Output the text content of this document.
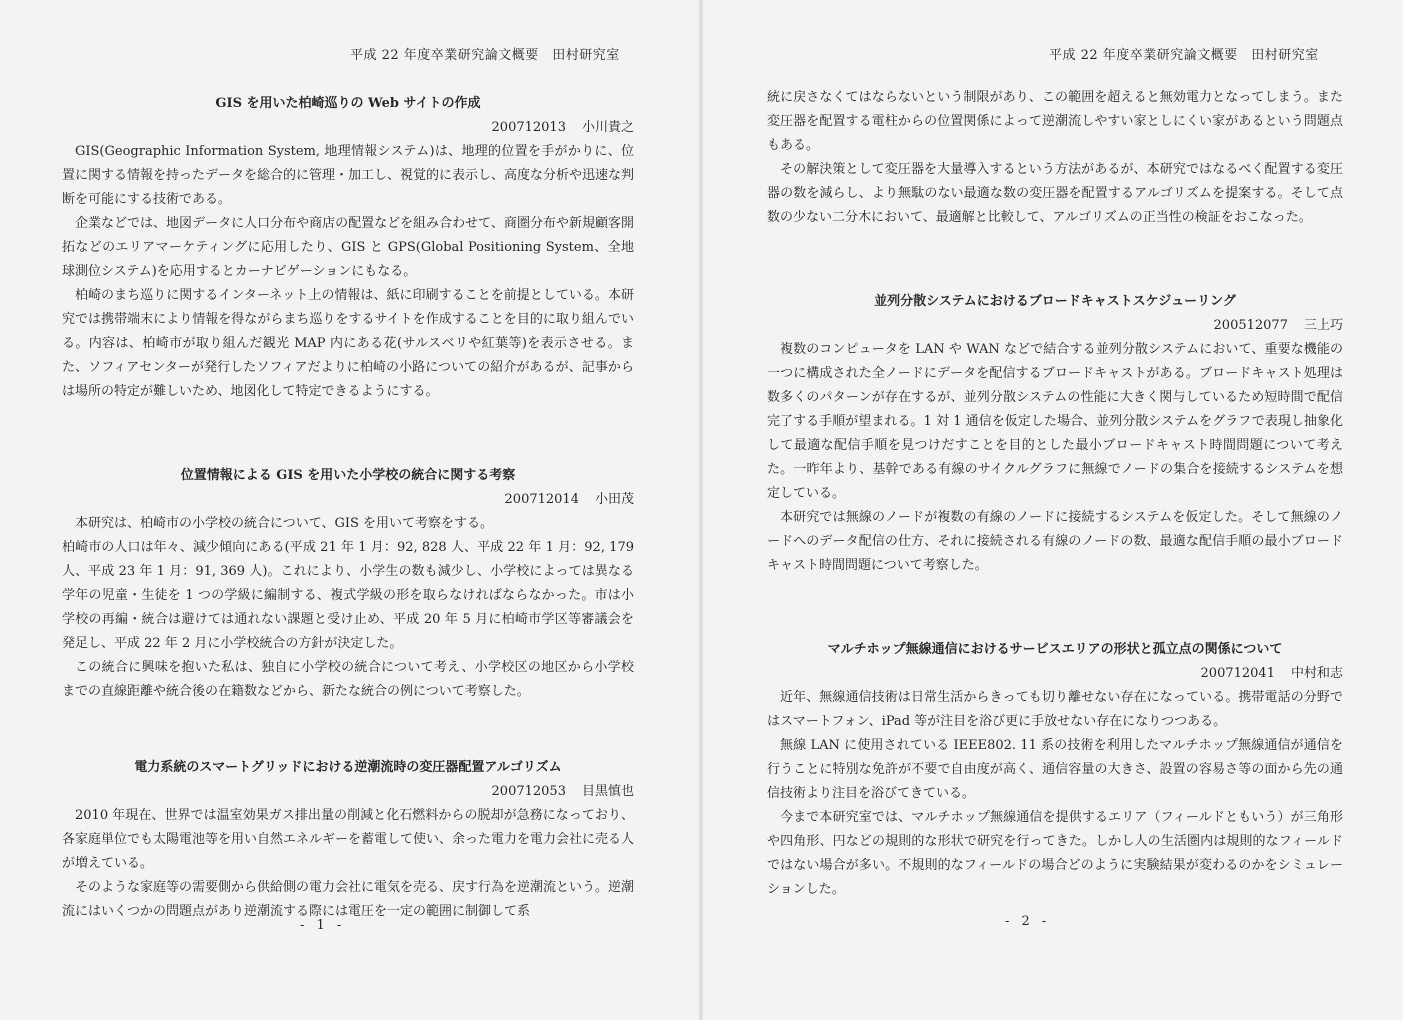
平成 22 年度卒業研究論文概要　田村研究室
GIS を用いた柏崎巡りの Web サイトの作成
200712013 小川貴之

GIS(Geographic Information System, 地理情報システム)は、地理的位置を手がかりに、位置に関する情報を持ったデータを総合的に管理・加工し、視覚的に表示し、高度な分析や迅速な判断を可能にする技術である。

企業などでは、地図データに人口分布や商店の配置などを組み合わせて、商圏分布や新規顧客開拓などのエリアマーケティングに応用したり、GIS と GPS(Global Positioning System、全地球測位システム)を応用するとカーナビゲーションにもなる。

柏崎のまち巡りに関するインターネット上の情報は、紙に印刷することを前提としている。本研究では携帯端末により情報を得ながらまち巡りをするサイトを作成することを目的に取り組んでいる。内容は、柏崎市が取り組んだ観光 MAP 内にある花(サルスベリや紅葉等)を表示させる。また、ソフィアセンターが発行したソフィアだよりに柏崎の小路についての紹介があるが、記事からは場所の特定が難しいため、地図化して特定できるようにする。

位置情報による GIS を用いた小学校の統合に関する考察
200712014 小田茂

本研究は、柏崎市の小学校の統合について、GIS を用いて考察をする。

柏崎市の人口は年々、減少傾向にある(平成 21 年 1 月：92, 828 人、平成 22 年 1 月：92, 179 人、平成 23 年 1 月：91, 369 人)。これにより、小学生の数も減少し、小学校によっては異なる学年の児童・生徒を 1 つの学級に編制する、複式学級の形を取らなければならなかった。市は小学校の再編・統合は避けては通れない課題と受け止め、平成 20 年 5 月に柏崎市学区等審議会を発足し、平成 22 年 2 月に小学校統合の方針が決定した。

この統合に興味を抱いた私は、独自に小学校の統合について考え、小学校区の地区から小学校までの直線距離や統合後の在籍数などから、新たな統合の例について考察した。

電力系統のスマートグリッドにおける逆潮流時の変圧器配置アルゴリズム
200712053 目黒慎也

2010 年現在、世界では温室効果ガス排出量の削減と化石燃料からの脱却が急務になっており、各家庭単位でも太陽電池等を用い自然エネルギーを蓄電して使い、余った電力を電力会社に売る人が増えている。

そのような家庭等の需要側から供給側の電力会社に電気を売る、戻す行為を逆潮流という。逆潮流にはいくつかの問題点があり逆潮流する際には電圧を一定の範囲に制御して系

- 1 -
平成 22 年度卒業研究論文概要　田村研究室

統に戻さなくてはならないという制限があり、この範囲を超えると無効電力となってしまう。また変圧器を配置する電柱からの位置関係によって逆潮流しやすい家としにくい家があるという問題点もある。

その解決策として変圧器を大量導入するという方法があるが、本研究ではなるべく配置する変圧器の数を減らし、より無駄のない最適な数の変圧器を配置するアルゴリズムを提案する。そして点数の少ない二分木において、最適解と比較して、アルゴリズムの正当性の検証をおこなった。

並列分散システムにおけるブロードキャストスケジューリング
200512077 三上巧

複数のコンピュータを LAN や WAN などで結合する並列分散システムにおいて、重要な機能の一つに構成された全ノードにデータを配信するブロードキャストがある。ブロードキャスト処理は数多くのパターンが存在するが、並列分散システムの性能に大きく関与しているため短時間で配信完了する手順が望まれる。1 対 1 通信を仮定した場合、並列分散システムをグラフで表現し抽象化して最適な配信手順を見つけだすことを目的とした最小ブロードキャスト時間問題について考えた。一昨年より、基幹である有線のサイクルグラフに無線でノードの集合を接続するシステムを想定している。

本研究では無線のノードが複数の有線のノードに接続するシステムを仮定した。そして無線のノードへのデータ配信の仕方、それに接続される有線のノードの数、最適な配信手順の最小ブロードキャスト時間問題について考察した。

マルチホップ無線通信におけるサービスエリアの形状と孤立点の関係について
200712041 中村和志

近年、無線通信技術は日常生活からきっても切り離せない存在になっている。携帯電話の分野ではスマートフォン、iPad 等が注目を浴び更に手放せない存在になりつつある。

無線 LAN に使用されている IEEE802. 11 系の技術を利用したマルチホップ無線通信が通信を行うことに特別な免許が不要で自由度が高く、通信容量の大きさ、設置の容易さ等の面から先の通信技術より注目を浴びてきている。

今まで本研究室では、マルチホップ無線通信を提供するエリア（フィールドともいう）が三角形や四角形、円などの規則的な形状で研究を行ってきた。しかし人の生活圏内は規則的なフィールドではない場合が多い。不規則的なフィールドの場合どのように実験結果が変わるのかをシミュレーションした。

- 2 -
